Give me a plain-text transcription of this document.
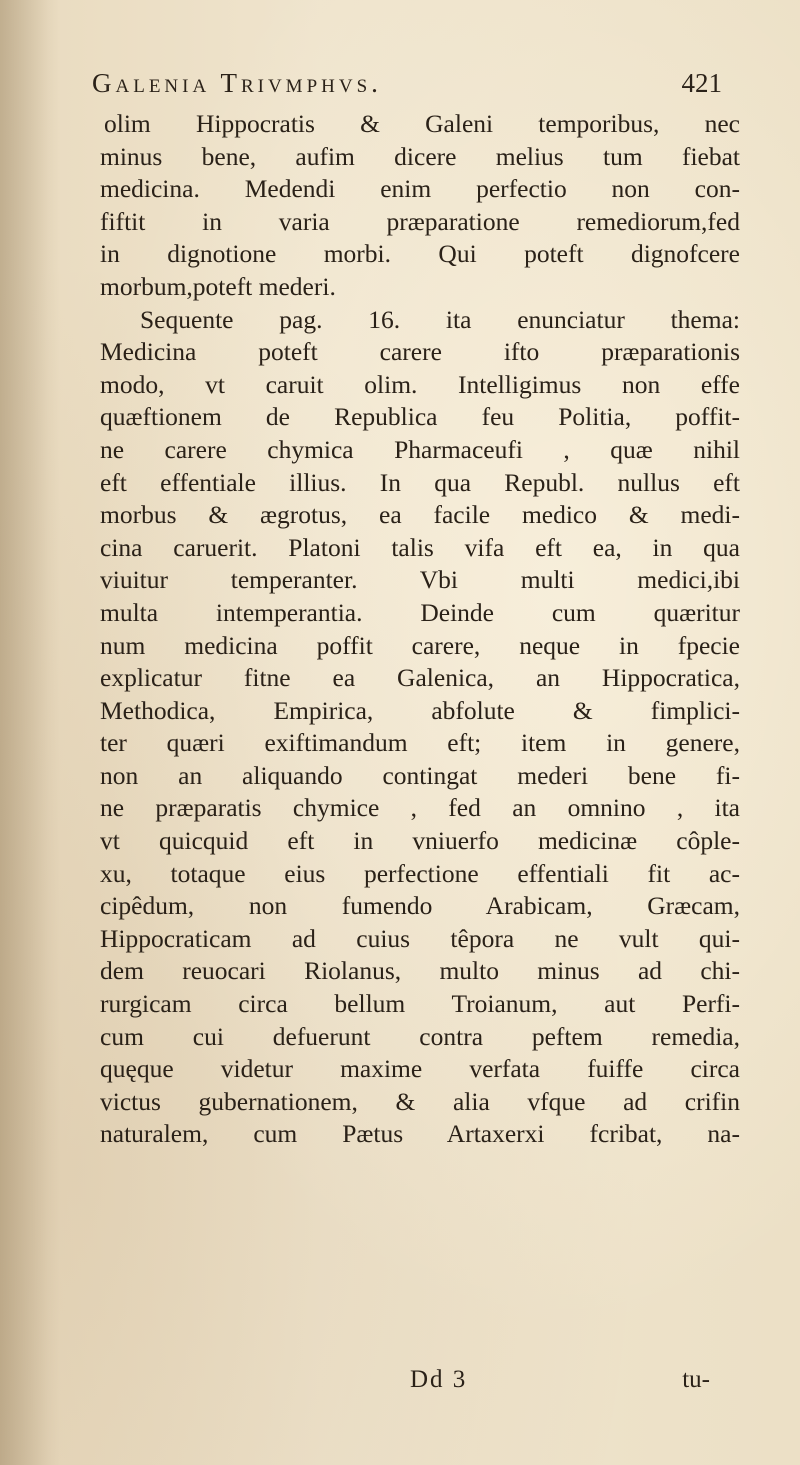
Galenia Trivmphvs.	421
olim Hippocratis & Galeni temporibus, nec
minus bene, aufim dicere melius tum fiebat
medicina. Medendi enim perfectio non con-
fiftit in varia præparatione remediorum,fed
in dignotione morbi. Qui poteft dignofcere
morbum,poteft mederi.
Sequente pag. 16. ita enunciatur thema:
Medicina poteft carere ifto præparationis
modo, vt caruit olim. Intelligimus non effe
quæftionem de Republica feu Politia, poffit-
ne carere chymica Pharmaceufi , quæ nihil
eft effentiale illius. In qua Republ. nullus eft
morbus & ægrotus, ea facile medico & medi-
cina caruerit. Platoni talis vifa eft ea, in qua
viuitur temperanter. Vbi multi medici,ibi
multa intemperantia. Deinde cum quæritur
num medicina poffit carere, neque in fpecie
explicatur fitne ea Galenica, an Hippocratica,
Methodica, Empirica, abfolute & fimplici-
ter quæri exiftimandum eft; item in genere,
non an aliquando contingat mederi bene fi-
ne præparatis chymice , fed an omnino , ita
vt quicquid eft in vniuerfo medicinæ côple-
xu, totaque eius perfectione effentiali fit ac-
cipêdum, non fumendo Arabicam, Græcam,
Hippocraticam ad cuius têpora ne vult qui-
dem reuocari Riolanus, multo minus ad chi-
rurgicam circa bellum Troianum, aut Perfi-
cum cui defuerunt contra peftem remedia,
quęque videtur maxime verfata fuiffe circa
victus gubernationem, & alia vfque ad crifin
naturalem, cum Pætus Artaxerxi fcribat, na-
Dd 3	tu-
